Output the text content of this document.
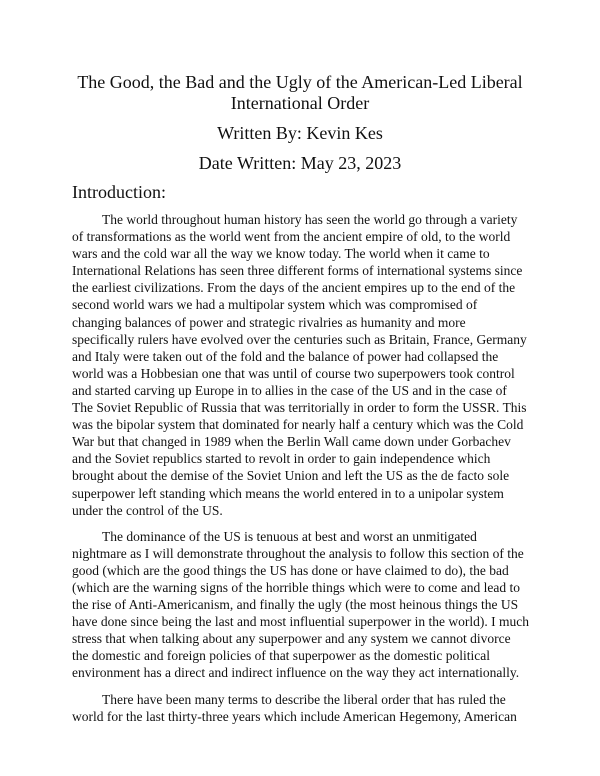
The Good, the Bad and the Ugly of the American-Led Liberal International Order

Written By: Kevin Kes

Date Written: May 23, 2023

Introduction:

The world throughout human history has seen the world go through a variety of transformations as the world went from the ancient empire of old, to the world wars and the cold war all the way we know today. The world when it came to International Relations has seen three different forms of international systems since the earliest civilizations. From the days of the ancient empires up to the end of the second world wars we had a multipolar system which was compromised of changing balances of power and strategic rivalries as humanity and more specifically rulers have evolved over the centuries such as Britain, France, Germany and Italy were taken out of the fold and the balance of power had collapsed the world was a Hobbesian one that was until of course two superpowers took control and started carving up Europe in to allies in the case of the US and in the case of The Soviet Republic of Russia that was territorially in order to form the USSR. This was the bipolar system that dominated for nearly half a century which was the Cold War but that changed in 1989 when the Berlin Wall came down under Gorbachev and the Soviet republics started to revolt in order to gain independence which brought about the demise of the Soviet Union and left the US as the de facto sole superpower left standing which means the world entered in to a unipolar system under the control of the US.

The dominance of the US is tenuous at best and worst an unmitigated nightmare as I will demonstrate throughout the analysis to follow this section of the good (which are the good things the US has done or have claimed to do), the bad (which are the warning signs of the horrible things which were to come and lead to the rise of Anti-Americanism, and finally the ugly (the most heinous things the US have done since being the last and most influential superpower in the world). I much stress that when talking about any superpower and any system we cannot divorce the domestic and foreign policies of that superpower as the domestic political environment has a direct and indirect influence on the way they act internationally.

There have been many terms to describe the liberal order that has ruled the world for the last thirty-three years which include American Hegemony, American
